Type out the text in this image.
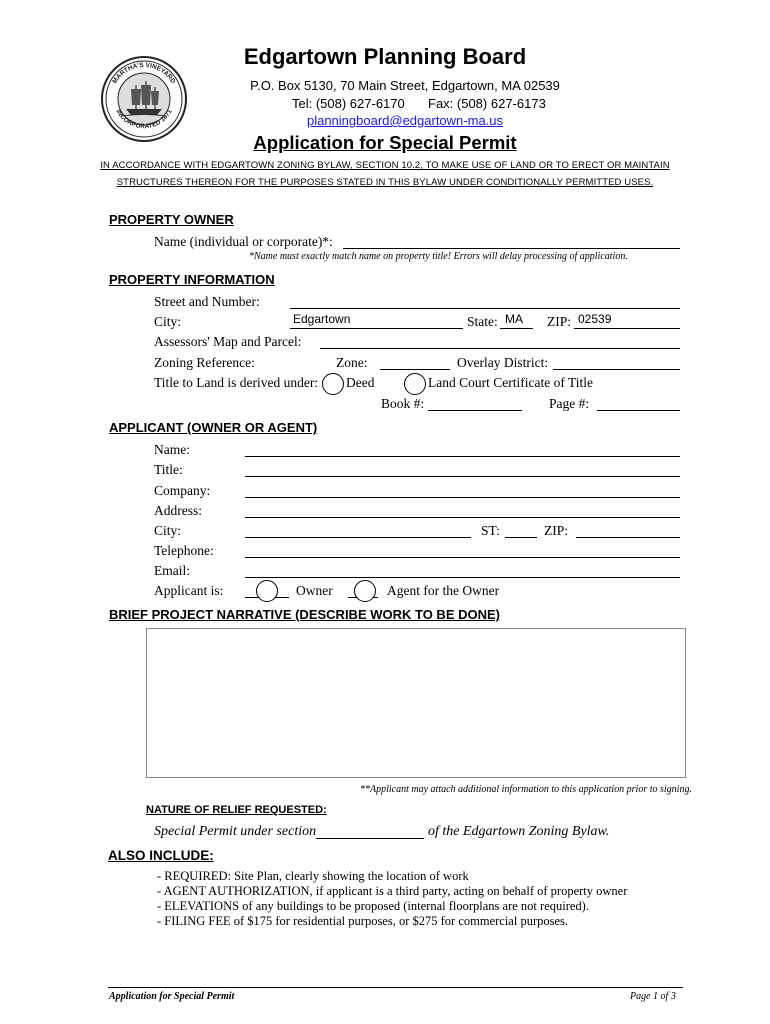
MARTHA'S VINEYARD
INCORPORATED 1671
Edgartown Planning Board
P.O. Box 5130, 70 Main Street, Edgartown, MA 02539
Tel: (508) 627-6170 Fax: (508) 627-6173
planningboard@edgartown-ma.us
Application for Special Permit
IN ACCORDANCE WITH EDGARTOWN ZONING BYLAW, SECTION 10.2, TO MAKE USE OF LAND OR TO ERECT OR MAINTAIN
STRUCTURES THEREON FOR THE PURPOSES STATED IN THIS BYLAW UNDER CONDITIONALLY PERMITTED USES.
PROPERTY OWNER
Name (individual or corporate)*:
*Name must exactly match name on property title! Errors will delay processing of application.
PROPERTY INFORMATION
Street and Number:
City:	Edgartown	State: MA ZIP: 02539
Assessors' Map and Parcel:
Zoning Reference:	Zone:	Overlay District:
Title to Land is derived under: Deed	Land Court Certificate of Title
Book #:	Page #:
APPLICANT (OWNER OR AGENT)
Name:
Title:
Company:
Address:
City:	ST:	ZIP:
Telephone:
Email:
Applicant is:	Owner	Agent for the Owner
BRIEF PROJECT NARRATIVE (DESCRIBE WORK TO BE DONE)
**Applicant may attach additional information to this application prior to signing.
NATURE OF RELIEF REQUESTED:
Special Permit under section	of the Edgartown Zoning Bylaw.
ALSO INCLUDE:
- REQUIRED: Site Plan, clearly showing the location of work
- AGENT AUTHORIZATION, if applicant is a third party, acting on behalf of property owner
- ELEVATIONS of any buildings to be proposed (internal floorplans are not required).
- FILING FEE of $175 for residential purposes, or $275 for commercial purposes.
Application for Special Permit	Page 1 of 3
